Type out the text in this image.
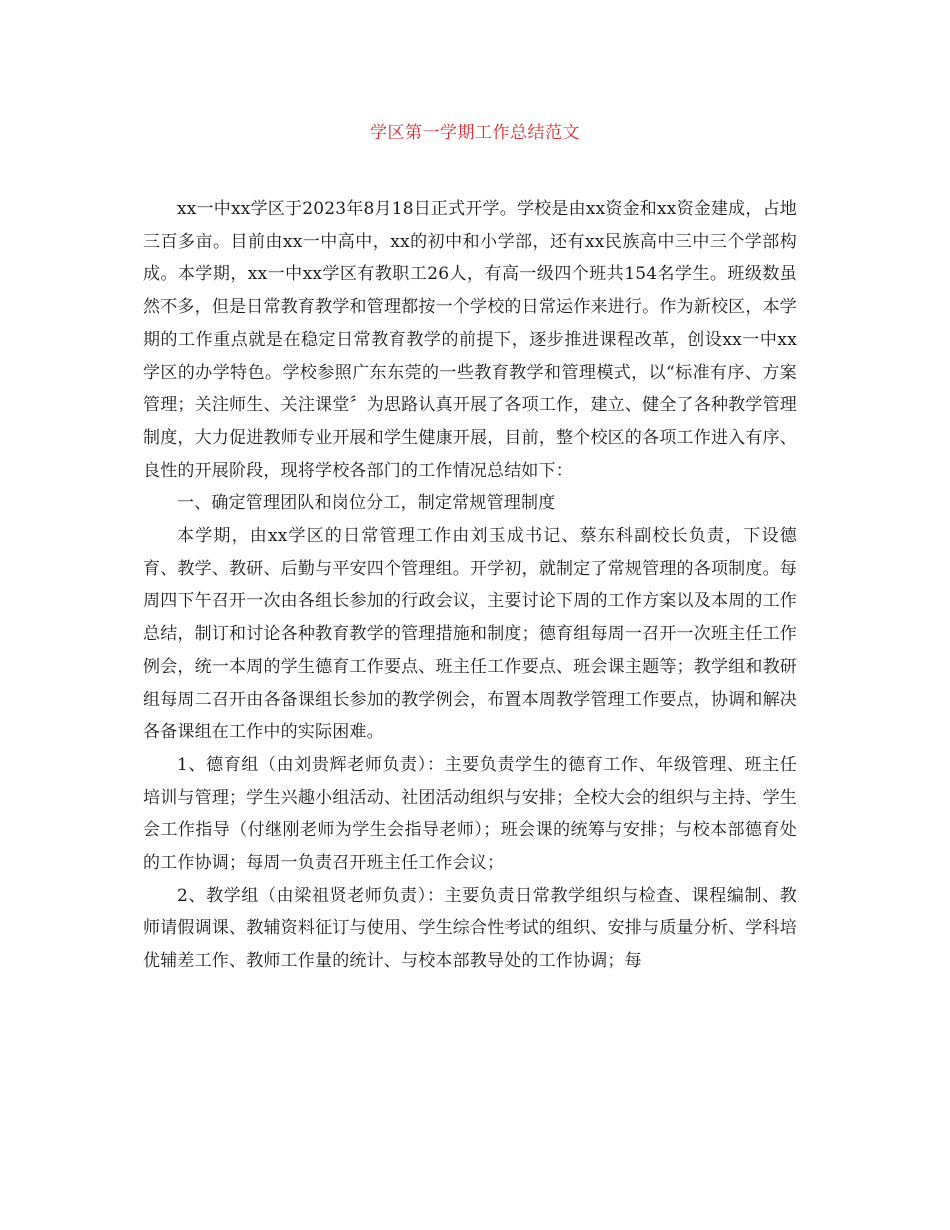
学区第一学期工作总结范文

xx一中xx学区于2023年8月18日正式开学。学校是由xx资金和xx资金建成，占地三百多亩。目前由xx一中高中，xx的初中和小学部，还有xx民族高中三中三个学部构成。本学期，xx一中xx学区有教职工26人，有高一级四个班共154名学生。班级数虽然不多，但是日常教育教学和管理都按一个学校的日常运作来进行。作为新校区，本学期的工作重点就是在稳定日常教育教学的前提下，逐步推进课程改革，创设xx一中xx学区的办学特色。学校参照广东东莞的一些教育教学和管理模式，以“标准有序、方案管理；关注师生、关注课堂〞为思路认真开展了各项工作，建立、健全了各种教学管理制度，大力促进教师专业开展和学生健康开展，目前，整个校区的各项工作进入有序、良性的开展阶段，现将学校各部门的工作情况总结如下：

一、确定管理团队和岗位分工，制定常规管理制度

本学期，由xx学区的日常管理工作由刘玉成书记、蔡东科副校长负责，下设德育、教学、教研、后勤与平安四个管理组。开学初，就制定了常规管理的各项制度。每周四下午召开一次由各组长参加的行政会议，主要讨论下周的工作方案以及本周的工作总结，制订和讨论各种教育教学的管理措施和制度；德育组每周一召开一次班主任工作例会，统一本周的学生德育工作要点、班主任工作要点、班会课主题等；教学组和教研组每周二召开由各备课组长参加的教学例会，布置本周教学管理工作要点，协调和解决各备课组在工作中的实际困难。

1、德育组（由刘贵辉老师负责）：主要负责学生的德育工作、年级管理、班主任培训与管理；学生兴趣小组活动、社团活动组织与安排；全校大会的组织与主持、学生会工作指导（付继刚老师为学生会指导老师）；班会课的统筹与安排；与校本部德育处的工作协调；每周一负责召开班主任工作会议；

2、教学组（由梁祖贤老师负责）：主要负责日常教学组织与检查、课程编制、教师请假调课、教辅资料征订与使用、学生综合性考试的组织、安排与质量分析、学科培优辅差工作、教师工作量的统计、与校本部教导处的工作协调；每
